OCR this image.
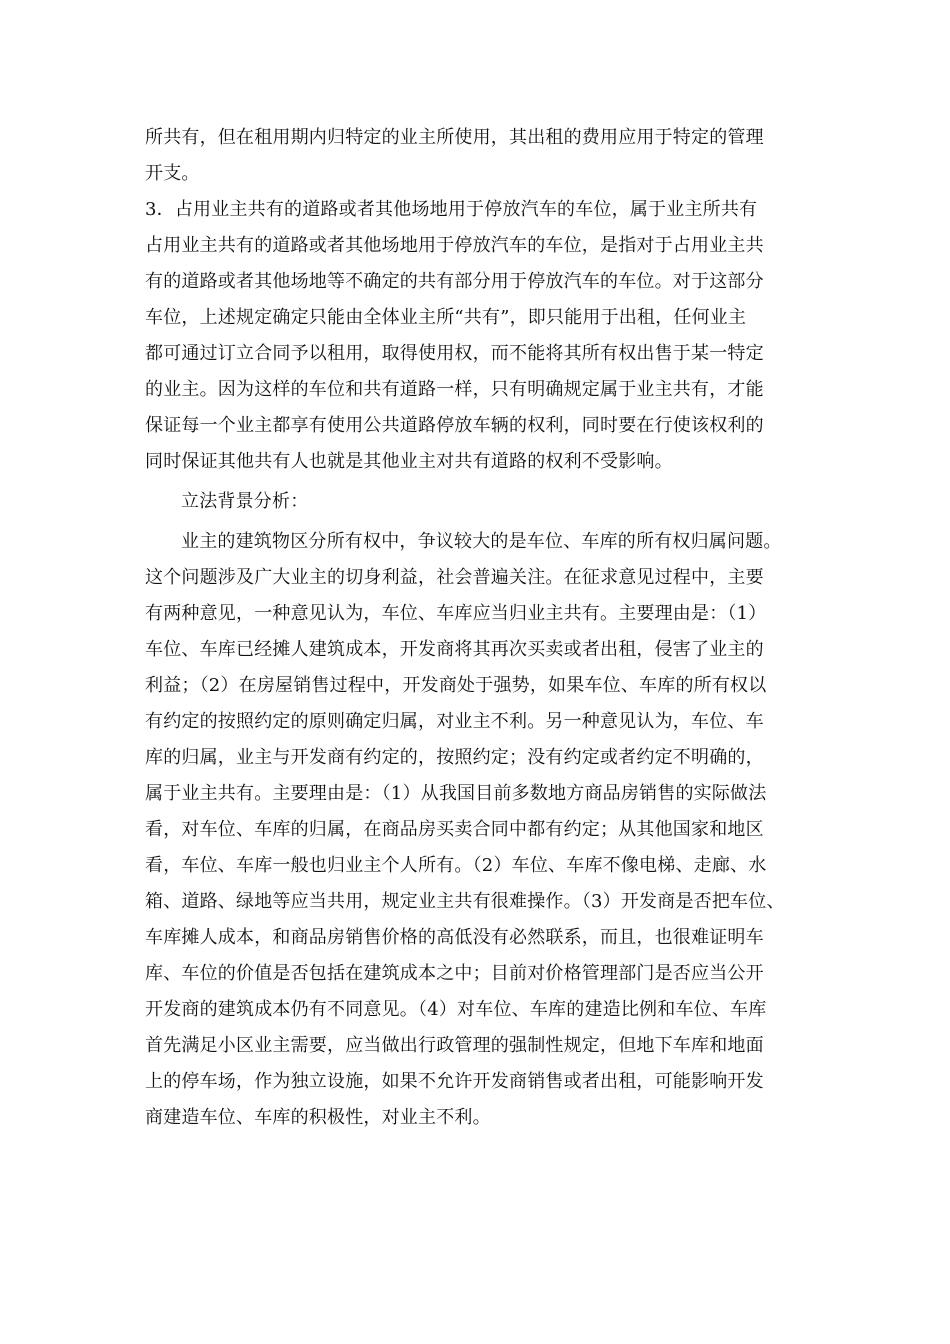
所共有，但在租用期内归特定的业主所使用，其出租的费用应用于特定的管理
开支。
3．占用业主共有的道路或者其他场地用于停放汽车的车位，属于业主所共有
占用业主共有的道路或者其他场地用于停放汽车的车位，是指对于占用业主共
有的道路或者其他场地等不确定的共有部分用于停放汽车的车位。对于这部分
车位，上述规定确定只能由全体业主所“共有”，即只能用于出租，任何业主
都可通过订立合同予以租用，取得使用权，而不能将其所有权出售于某一特定
的业主。因为这样的车位和共有道路一样，只有明确规定属于业主共有，才能
保证每一个业主都享有使用公共道路停放车辆的权利，同时要在行使该权利的
同时保证其他共有人也就是其他业主对共有道路的权利不受影响。
立法背景分析：
业主的建筑物区分所有权中，争议较大的是车位、车库的所有权归属问题。
这个问题涉及广大业主的切身利益，社会普遍关注。在征求意见过程中，主要
有两种意见，一种意见认为，车位、车库应当归业主共有。主要理由是：（1）
车位、车库已经摊人建筑成本，开发商将其再次买卖或者出租，侵害了业主的
利益；（2）在房屋销售过程中，开发商处于强势，如果车位、车库的所有权以
有约定的按照约定的原则确定归属，对业主不利。另一种意见认为，车位、车
库的归属，业主与开发商有约定的，按照约定；没有约定或者约定不明确的，
属于业主共有。主要理由是：（1）从我国目前多数地方商品房销售的实际做法
看，对车位、车库的归属，在商品房买卖合同中都有约定；从其他国家和地区
看，车位、车库一般也归业主个人所有。（2）车位、车库不像电梯、走廊、水
箱、道路、绿地等应当共用，规定业主共有很难操作。（3）开发商是否把车位、
车库摊人成本，和商品房销售价格的高低没有必然联系，而且，也很难证明车
库、车位的价值是否包括在建筑成本之中；目前对价格管理部门是否应当公开
开发商的建筑成本仍有不同意见。（4）对车位、车库的建造比例和车位、车库
首先满足小区业主需要，应当做出行政管理的强制性规定，但地下车库和地面
上的停车场，作为独立设施，如果不允许开发商销售或者出租，可能影响开发
商建造车位、车库的积极性，对业主不利。
